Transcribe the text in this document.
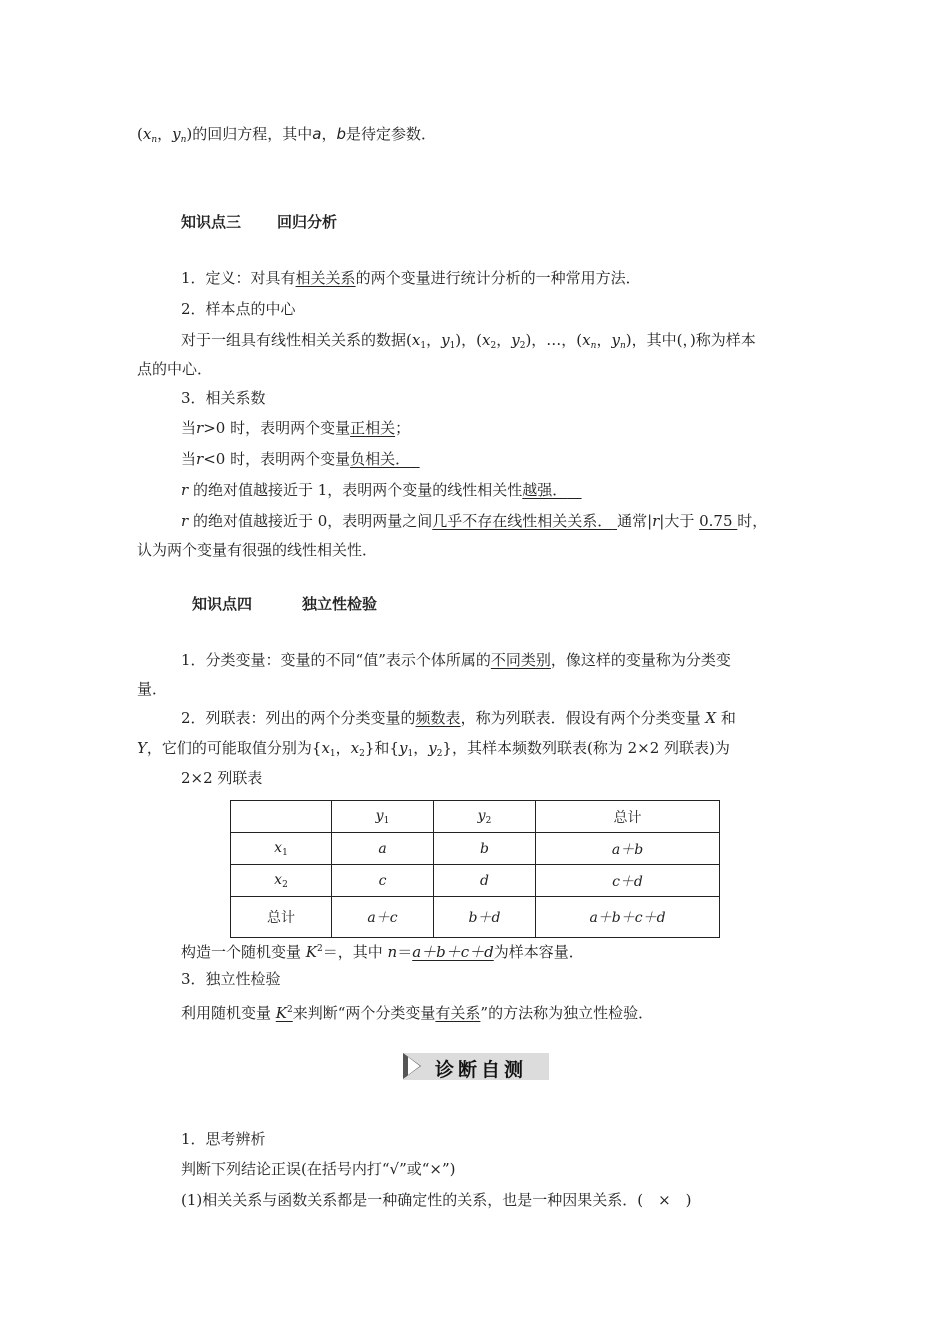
($x_n$，$y_n$)的回归方程，其中a，b是待定参数．
知识点三 回归分析
1．定义：对具有相关关系的两个变量进行统计分析的一种常用方法．
2．样本点的中心
对于一组具有线性相关关系的数据($x_1$，$y_1$)，($x_2$，$y_2$)，…，($x_n$，$y_n$)，其中(，)称为样本
点的中心．
3．相关系数
当r>0 时，表明两个变量正相关；
当r<0 时，表明两个变量负相关．
r 的绝对值越接近于 1，表明两个变量的线性相关性越强．
r 的绝对值越接近于 0，表明两量之间几乎不存在线性相关关系． 通常|r|大于 0.75 时，
认为两个变量有很强的线性相关性．
知识点四	独立性检验
1．分类变量：变量的不同“值”表示个体所属的不同类别，像这样的变量称为分类变
量．
2．列联表：列出的两个分类变量的频数表，称为列联表．假设有两个分类变量 X 和
Y，它们的可能取值分别为{$x_1$，$x_2$}和{$y_1$，$y_2$}，其样本频数列联表(称为 2×2 列联表)为
2×2 列联表
	$y_1$	$y_2$	总计
$x_1$	a	b	a＋b
$x_2$	c	d	c＋d
总计	a＋c	b＋d	a＋b＋c＋d
构造一个随机变量 $K^2=$，其中 n＝a＋b＋c＋d为样本容量．
3．独立性检验
利用随机变量 $K^2$来判断“两个分类变量有关系”的方法称为独立性检验．
诊断自测
1．思考辨析
判断下列结论正误(在括号内打“√”或“×”)
(1)相关关系与函数关系都是一种确定性的关系，也是一种因果关系．(　×　)
